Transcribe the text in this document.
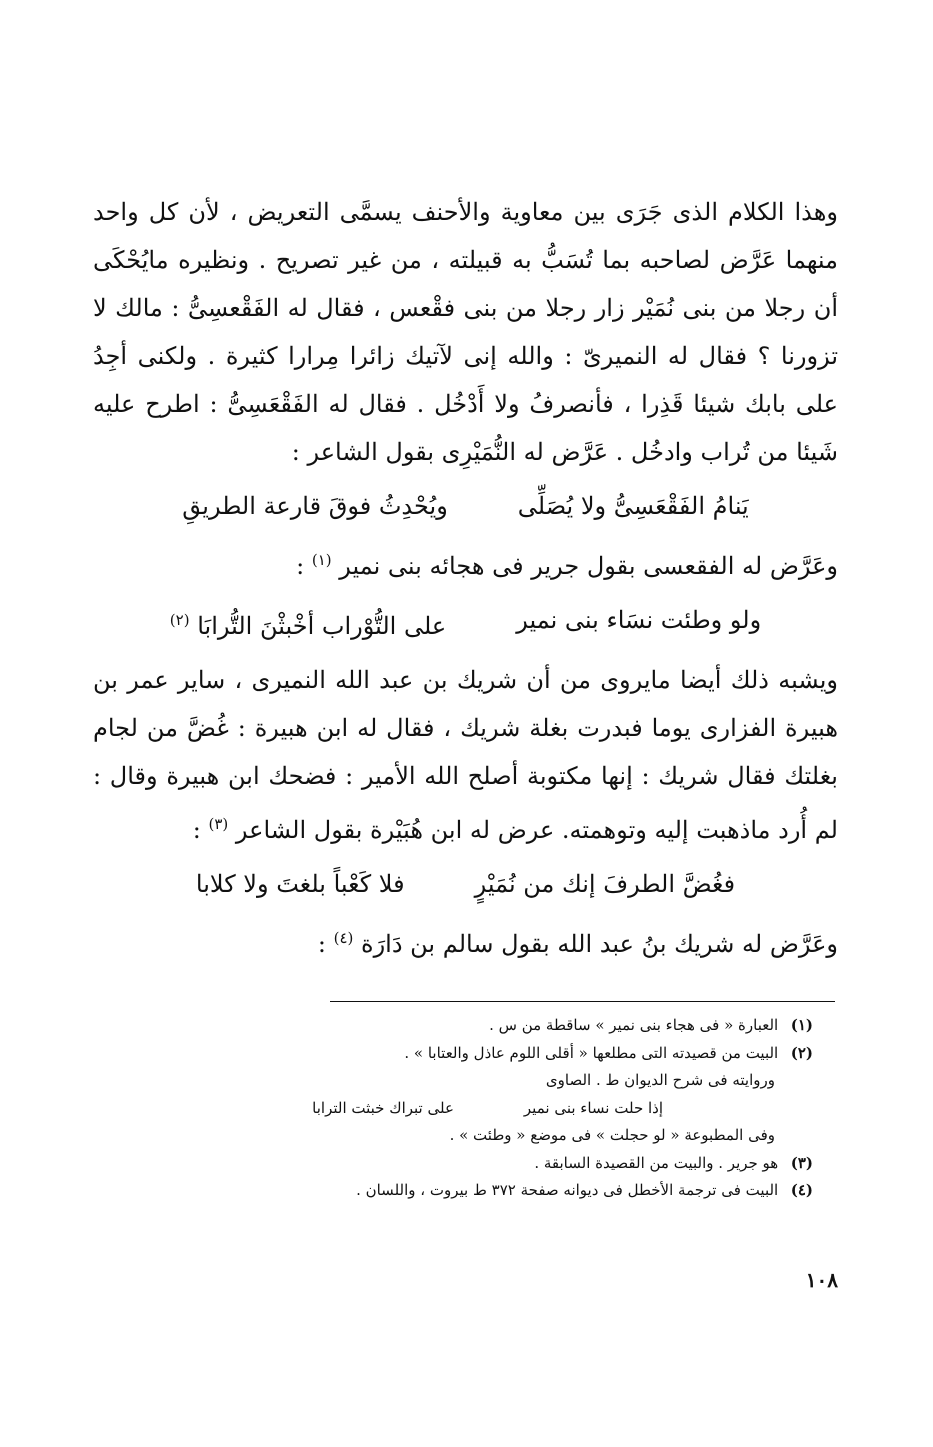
وهذا الكلام الذى جَرَى بين معاوية والأحنف يسمَّى التعريض ، لأن كل واحد منهما عَرَّض لصاحبه بما تُسَبُّ به قبيلته ، من غير تصريح . ونظيره مايُحْكَى أن رجلا من بنى نُمَيْر زار رجلا من بنى فقْعس ، فقال له الفَقْعسِىُّ : مالك لا تزورنا ؟ فقال له النميرىّ : والله إنى لآتيك زائرا مِرارا كثيرة . ولكنى أجِدُ على بابك شيئا قَذِرا ، فأنصرفُ ولا أَدْخُل . فقال له الفَقْعَسِىُّ : اطرح عليه شَيئا من تُراب وادخُل . عَرَّض له النُّمَيْرِى بقول الشاعر :

يَنامُ الفَقْعَسِىُّ ولا يُصَلِّى
ويُحْدِثُ فوقَ قارعة الطريقِ

وعَرَّض له الفقعسى بقول جرير فى هجائه بنى نمير $^{(١)}$ :

ولو وطئت نسَاء بنى نمير
على التُّوْراب أخْبثْنَ التُّرابَا $^{(٢)}$

ويشبه ذلك أيضا مايروى من أن شريك بن عبد الله النميرى ، ساير عمر بن هبيرة الفزارى يوما فبدرت بغلة شريك ، فقال له ابن هبيرة : غُضَّ من لجام بغلتك فقال شريك : إنها مكتوبة أصلح الله الأمير : فضحك ابن هبيرة وقال : لم أُرد ماذهبت إليه وتوهمته. عرض له ابن هُبَيْرة بقول الشاعر $^{(٣)}$ :

فغُضَّ الطرفَ إنك من نُمَيْرٍ
فلا كَعْباً بلغتَ ولا كلابا

وعَرَّض له شريك بنُ عبد الله بقول سالم بن دَارَة $^{(٤)}$ :

(١) العبارة « فى هجاء بنى نمير » ساقطة من س .

(٢) البيت من قصيدته التى مطلعها « أقلى اللوم عاذل والعتابا » .

وروايته فى شرح الديوان ط . الصاوى

إذا حلت نساء بنى نمير
على تبراك خبثت الترابا

وفى المطبوعة « لو حجلت » فى موضع « وطئت » .

(٣) هو جرير . والبيت من القصيدة السابقة .

(٤) البيت فى ترجمة الأخطل فى ديوانه صفحة ٣٧٢ ط بيروت ، واللسان .

١٠٨
